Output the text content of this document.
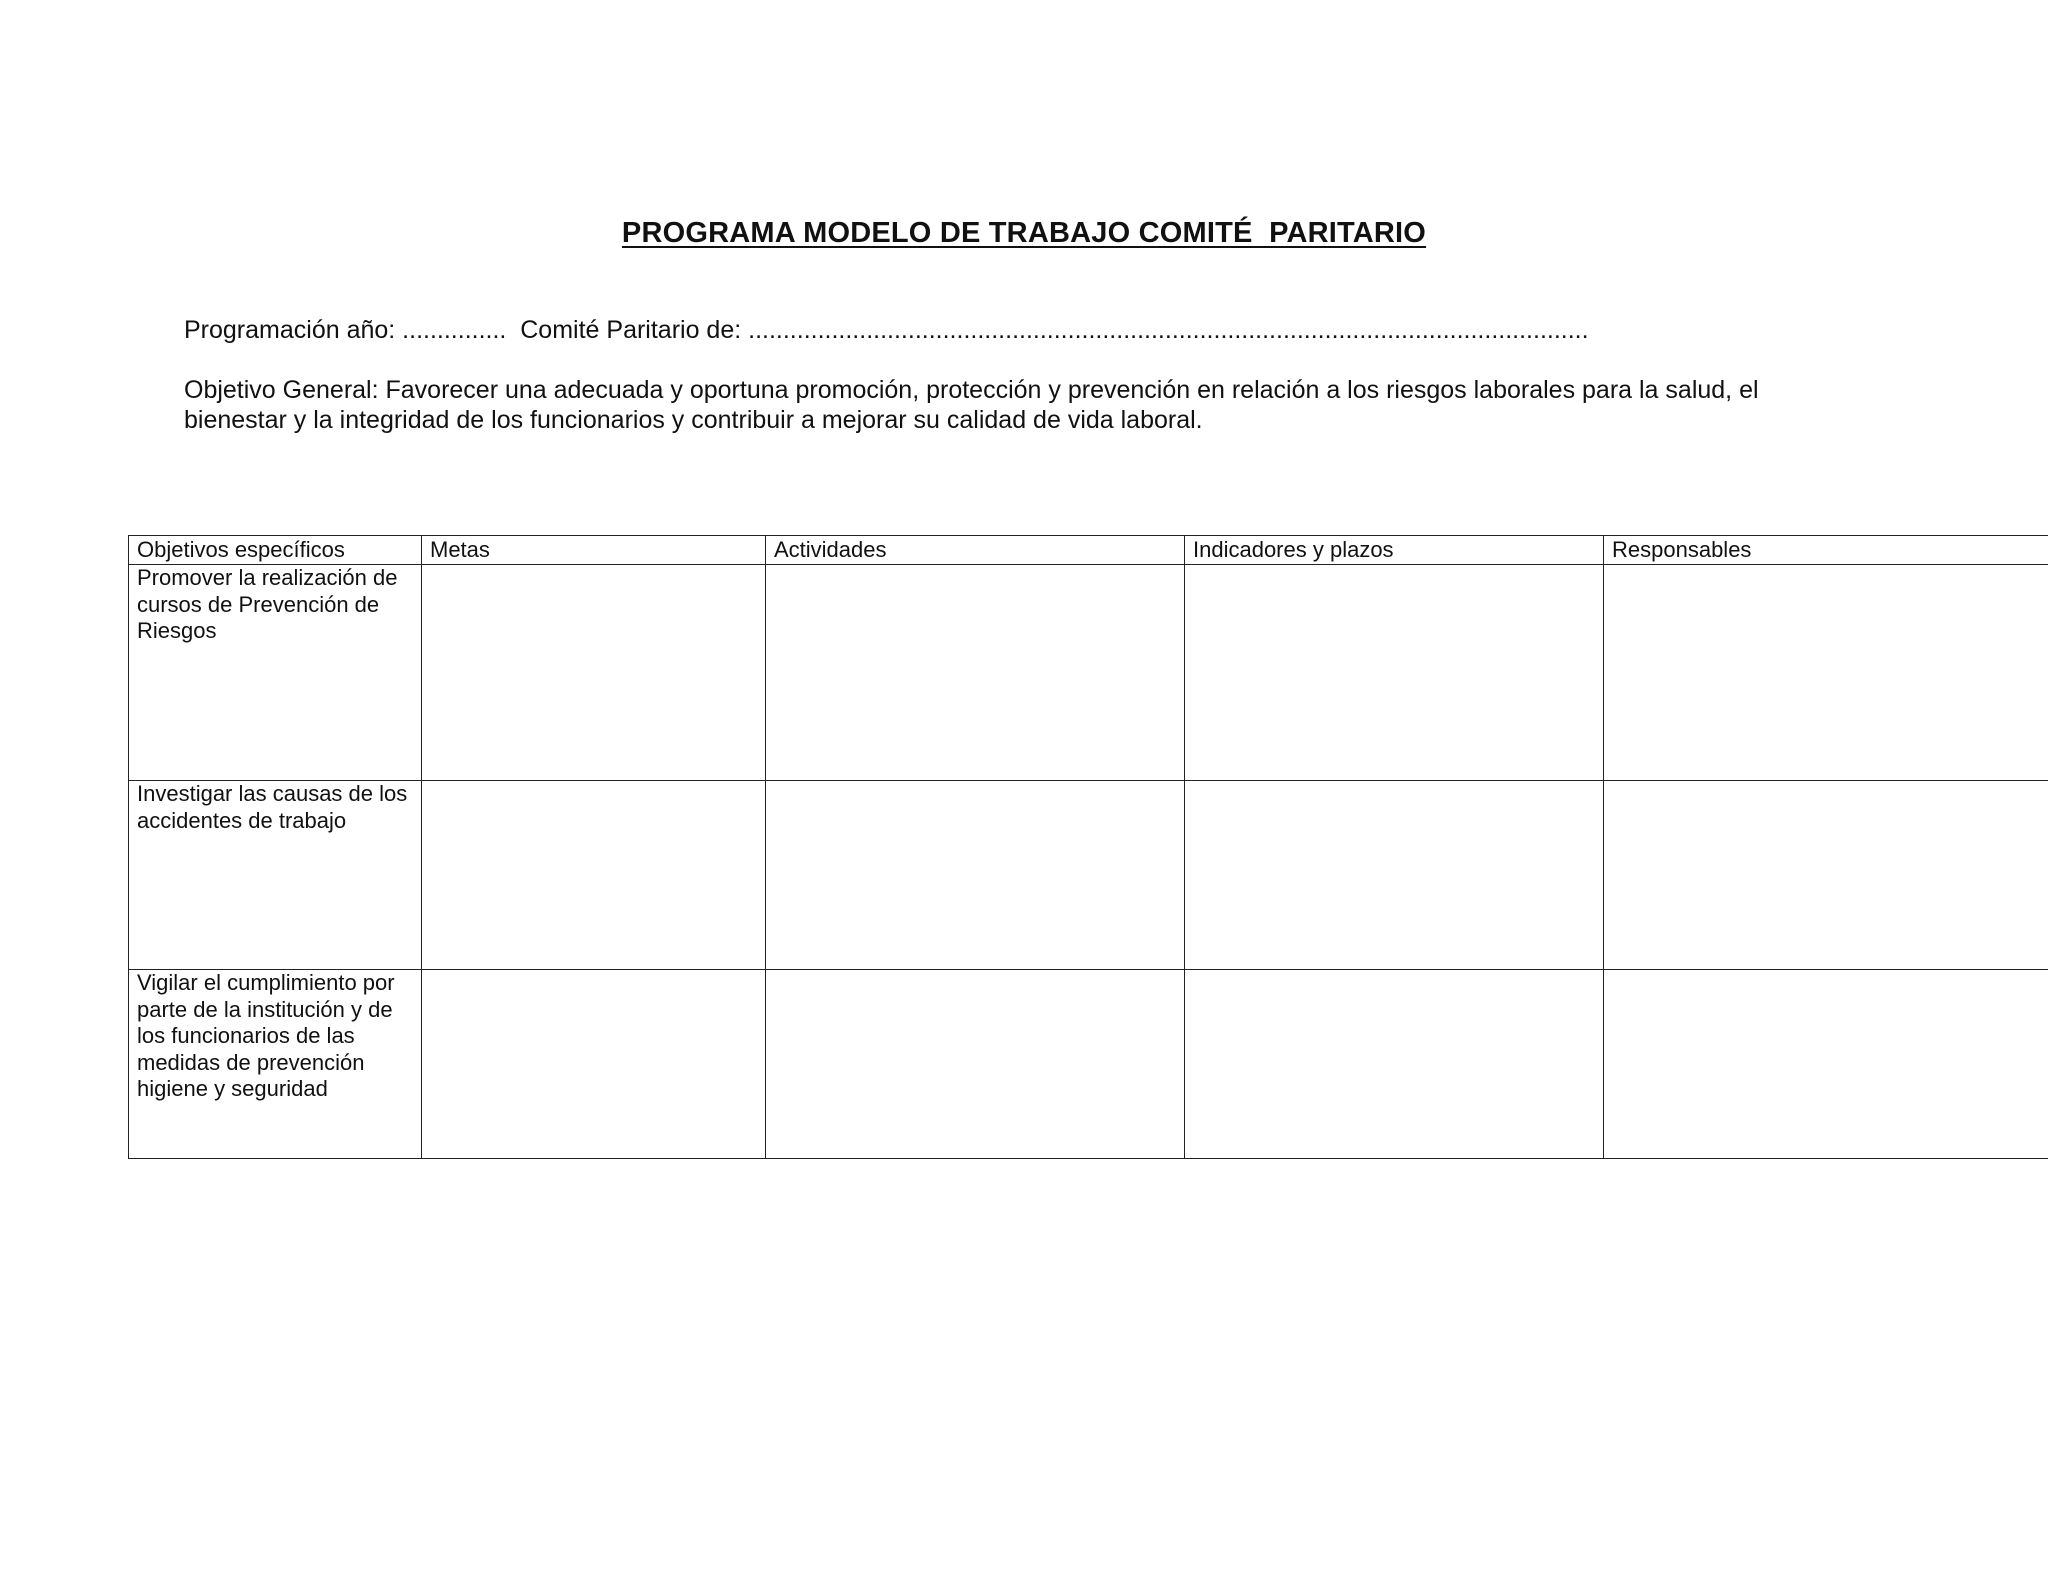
PROGRAMA MODELO DE TRABAJO COMITÉ  PARITARIO
Programación año: ...............  Comité Paritario de: .........................................................................................................................
Objetivo General: Favorecer una adecuada y oportuna promoción, protección y prevención en relación a los riesgos laborales para la salud, el bienestar y la integridad de los funcionarios y contribuir a mejorar su calidad de vida laboral.
Objetivos específicos	Metas	Actividades	Indicadores y plazos	Responsables
Promover la realización de cursos de Prevención de Riesgos				
Investigar las causas de los accidentes de trabajo				
Vigilar el cumplimiento por parte de la institución y de los funcionarios de las medidas de prevención higiene y seguridad				
